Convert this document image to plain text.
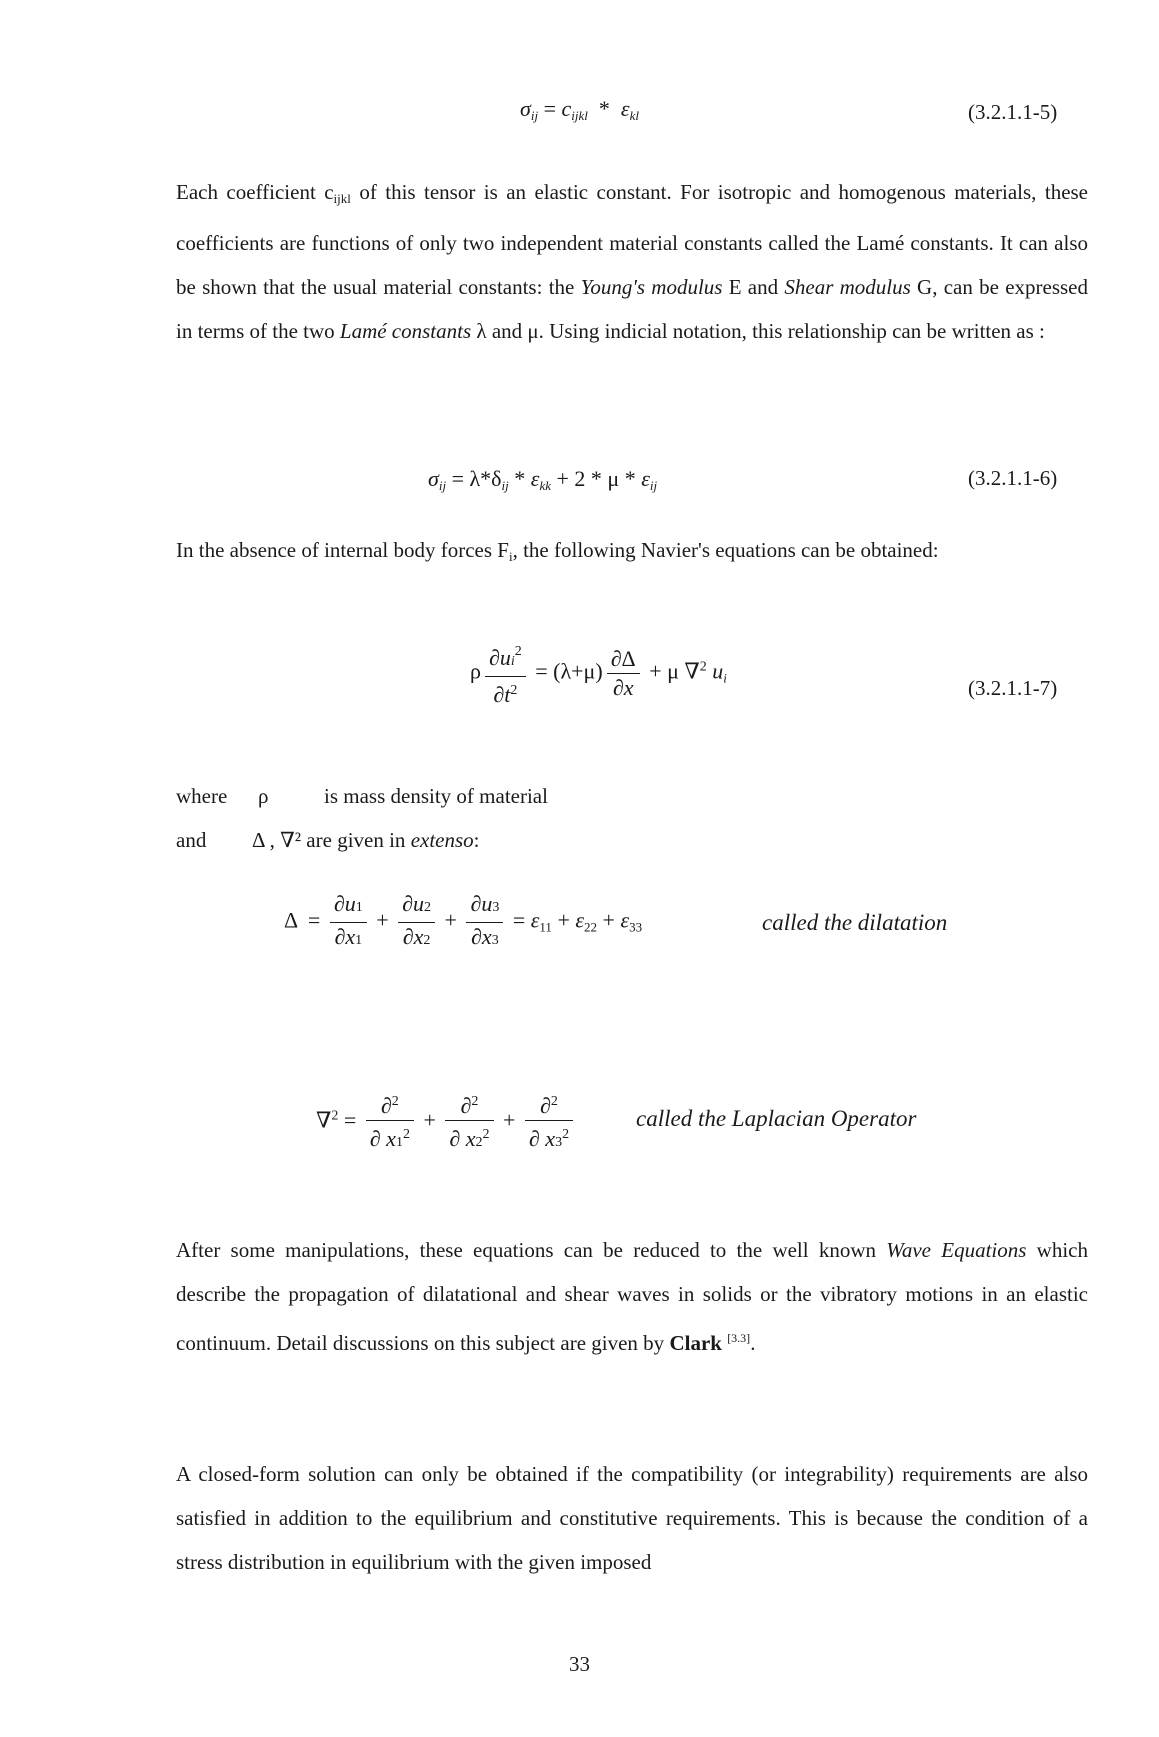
$\sigma_{ij} = c_{ijkl} * \varepsilon_{kl}$	(3.2.1.1-5)

Each coefficient $c_{ijkl}$ of this tensor is an elastic constant. For isotropic and homogenous materials, these coefficients are functions of only two independent material constants called the Lamé constants. It can also be shown that the usual material constants: the Young's modulus E and Shear modulus G, can be expressed in terms of the two Lamé constants λ and μ. Using indicial notation, this relationship can be written as :

$\sigma_{ij} = \lambda*\delta_{ij} * \varepsilon_{kk} + 2 * \mu * \varepsilon_{ij}$	(3.2.1.1-6)

In the absence of internal body forces $F_i$, the following Navier's equations can be obtained:

ρ $\frac{\partial ui^2}{\partial t^2} = (\lambda+\mu) \frac{\partial\Delta}{\partial x} + \mu$ ∇$^2$ $u_i$	(3.2.1.1-7)
where ρ	is mass density of material
and Δ , ∇² are given in extenso:
$\Delta = \frac{\partial u1}{\partial x1} + \frac{\partial u2}{\partial x2} + \frac{\partial u3}{\partial x3} = \varepsilon_{11} + \varepsilon_{22} + \varepsilon_{33}$	called the dilatation
$\nabla^2 = \frac{\partial^2}{\partial x1^2} + \frac{\partial^2}{\partial x2^2} + \frac{\partial^2}{\partial x3^2}$	called the Laplacian Operator

After some manipulations, these equations can be reduced to the well known Wave Equations which describe the propagation of dilatational and shear waves in solids or the vibratory motions in an elastic continuum. Detail discussions on this subject are given by Clark [3.3].

A closed-form solution can only be obtained if the compatibility (or integrability) requirements are also satisfied in addition to the equilibrium and constitutive requirements. This is because the condition of a stress distribution in equilibrium with the given imposed

33
